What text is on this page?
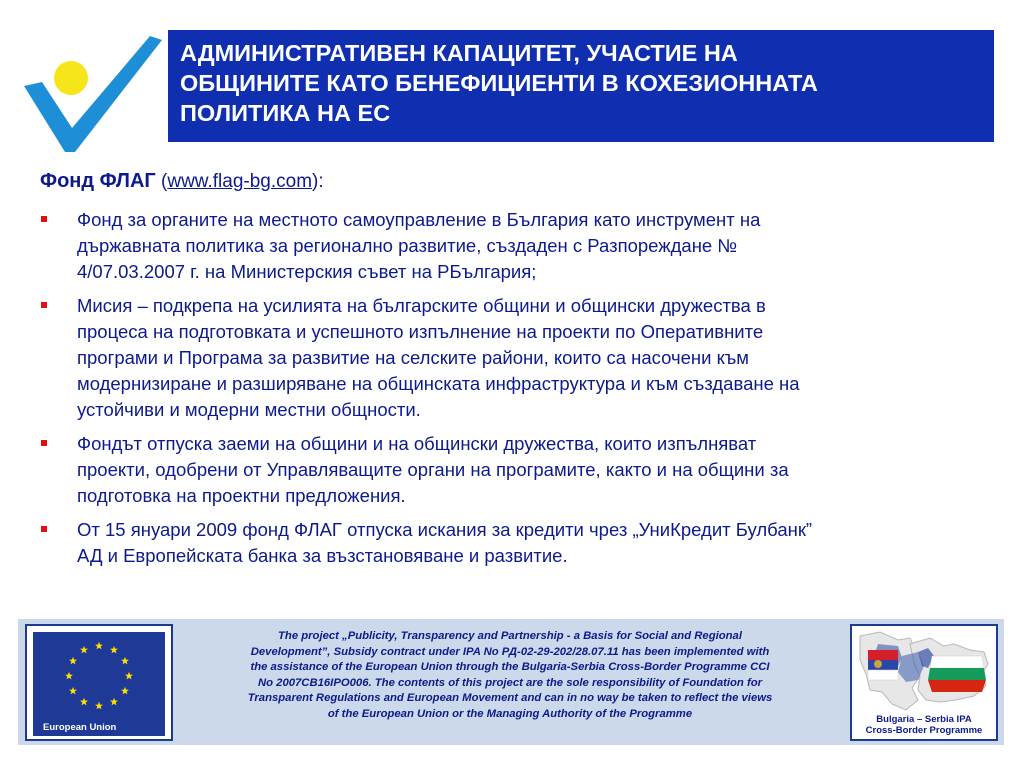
АДМИНИСТРАТИВЕН КАПАЦИТЕТ, УЧАСТИЕ НА
ОБЩИНИТЕ КАТО БЕНЕФИЦИЕНТИ В КОХЕЗИОННАТА
ПОЛИТИКА НА ЕС
Фонд ФЛАГ (www.flag-bg.com):
Фонд за органите на местното самоуправление в България като инструмент на
държавната политика за регионално развитие, създаден с Разпореждане №
4/07.03.2007 г. на Министерския съвет на РБългария;
Мисия – подкрепа на усилията на българските общини и общински дружества в
процеса на подготовката и успешното изпълнение на проекти по Оперативните
програми и Програма за развитие на селските райони, които са насочени към
модернизиране и разширяване на общинската инфраструктура и към създаване на
устойчиви и модерни местни общности.
Фондът отпуска заеми на общини и на общински дружества, които изпълняват
проекти, одобрени от Управляващите органи на програмите, както и на общини за
подготовка на проектни предложения.
От 15 януари 2009 фонд ФЛАГ отпуска искания за кредити чрез „УниКредит Булбанк”
АД и Европейската банка за възстановяване и развитие.
European Union
The project „Publicity, Transparency and Partnership - a Basis for Social and Regional
Development”, Subsidy contract under IPA No РД-02-29-202/28.07.11 has been implemented with
the assistance of the European Union through the Bulgaria-Serbia Cross-Border Programme CCI
No 2007CB16IPO006. The contents of this project are the sole responsibility of Foundation for
Transparent Regulations and European Movement and can in no way be taken to reflect the views
of the European Union or the Managing Authority of the Programme	Bulgaria – Serbia IPA
Cross-Border Programme
